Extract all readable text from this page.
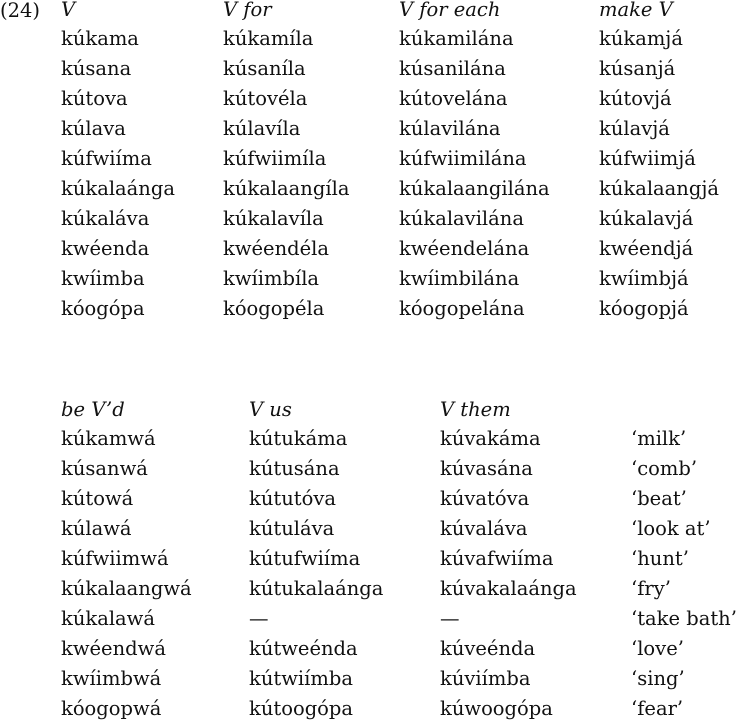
(24) V
kúkama
kúsana
kútova
kúlava
kúfwiíma
kúkalaánga
kúkaláva
kwéenda
kwíimba
kóogópa
V for
kúkamíla
kúsaníla
kútovéla
kúlavíla
kúfwiimíla
kúkalaangíla
kúkalavíla
kwéendéla
kwíimbíla
kóogopéla
V for each
kúkamilána
kúsanilána
kútovelána
kúlavilána
kúfwiimilána
kúkalaangilána
kúkalavilána
kwéendelána
kwíimbilána
kóogopelána
make V
kúkamjá
kúsanjá
kútovjá
kúlavjá
kúfwiimjá
kúkalaangjá
kúkalavjá
kwéendjá
kwíimbjá
kóogopjá
be V’d
kúkamwá
kúsanwá
kútowá
kúlawá
kúfwiimwá
kúkalaangwá
kúkalawá
kwéendwá
kwíimbwá
kóogopwá
V us
kútukáma
kútusána
kútutóva
kútuláva
kútufwiíma
kútukalaánga
—
kútweénda
kútwiímba
kútoogópa
V them
kúvakáma
kúvasána
kúvatóva
kúvaláva
kúvafwiíma
kúvakalaánga
—
kúveénda
kúviímba
kúwoogópa
‘milk’
‘comb’
‘beat’
‘look at’
‘hunt’
‘fry’
‘take bath’
‘love’
‘sing’
‘fear’
